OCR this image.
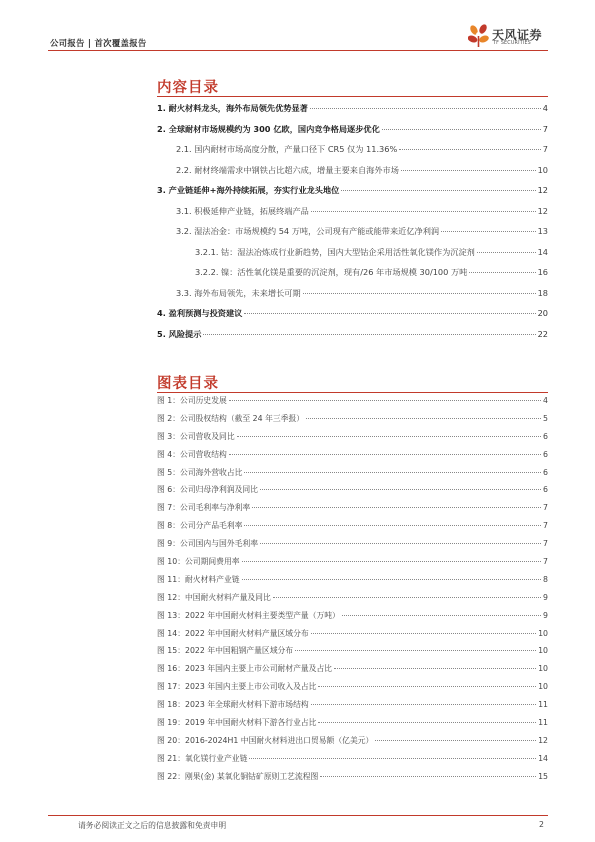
公司报告 | 首次覆盖报告
天风证券
TF SECURITIES
内容目录
1. 耐火材料龙头，海外布局领先优势显著	4
2. 全球耐材市场规模约为 300 亿欧，国内竞争格局逐步优化	7
2.1. 国内耐材市场高度分散，产量口径下 CR5 仅为 11.36%	7
2.2. 耐材终端需求中钢铁占比超六成，增量主要来自海外市场	10
3. 产业链延伸+海外持续拓展，夯实行业龙头地位	12
3.1. 积极延伸产业链，拓展终端产品	12
3.2. 湿法冶金：市场规模约 54 万吨，公司现有产能或能带来近亿净利润	13
3.2.1. 钴：湿法冶炼成行业新趋势，国内大型钴企采用活性氧化镁作为沉淀剂	14
3.2.2. 镍：活性氧化镁是重要的沉淀剂，现有/26 年市场规模 30/100 万吨	16
3.3. 海外布局领先，未来增长可期	18
4. 盈利预测与投资建议	20
5. 风险提示	22
图表目录
图 1：公司历史发展	4
图 2：公司股权结构（截至 24 年三季报）	5
图 3：公司营收及同比	6
图 4：公司营收结构	6
图 5：公司海外营收占比	6
图 6：公司归母净利润及同比	6
图 7：公司毛利率与净利率	7
图 8：公司分产品毛利率	7
图 9：公司国内与国外毛利率	7
图 10：公司期间费用率	7
图 11：耐火材料产业链	8
图 12：中国耐火材料产量及同比	9
图 13：2022 年中国耐火材料主要类型产量（万吨）	9
图 14：2022 年中国耐火材料产量区域分布	10
图 15：2022 年中国粗钢产量区域分布	10
图 16：2023 年国内主要上市公司耐材产量及占比	10
图 17：2023 年国内主要上市公司收入及占比	10
图 18：2023 年全球耐火材料下游市场结构	11
图 19：2019 年中国耐火材料下游各行业占比	11
图 20：2016-2024H1 中国耐火材料进出口贸易额（亿美元）	12
图 21：氧化镁行业产业链	14
图 22：刚果(金) 某氧化铜钴矿原则工艺流程图	15
请务必阅读正文之后的信息披露和免责申明	2
